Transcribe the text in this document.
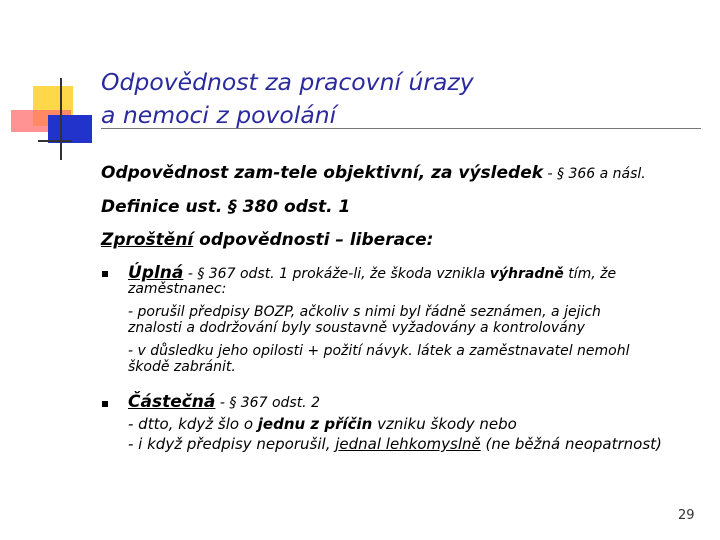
Odpovědnost za pracovní úrazy
a nemoci z povolání
Odpovědnost zam-tele objektivní, za výsledek - § 366 a násl.
Definice ust. § 380 odst. 1
Zproštění odpovědnosti – liberace:
Úplná - § 367 odst. 1 prokáže-li, že škoda vznikla výhradně tím, že
zaměstnanec:
- porušil předpisy BOZP, ačkoliv s nimi byl řádně seznámen, a jejich
znalosti a dodržování byly soustavně vyžadovány a kontrolovány
- v důsledku jeho opilosti + požití návyk. látek a zaměstnavatel nemohl
škodě zabránit.
Částečná - § 367 odst. 2
- dtto, když šlo o jednu z příčin vzniku škody nebo
- i když předpisy neporušil, jednal lehkomyslně (ne běžná neopatrnost)
29
